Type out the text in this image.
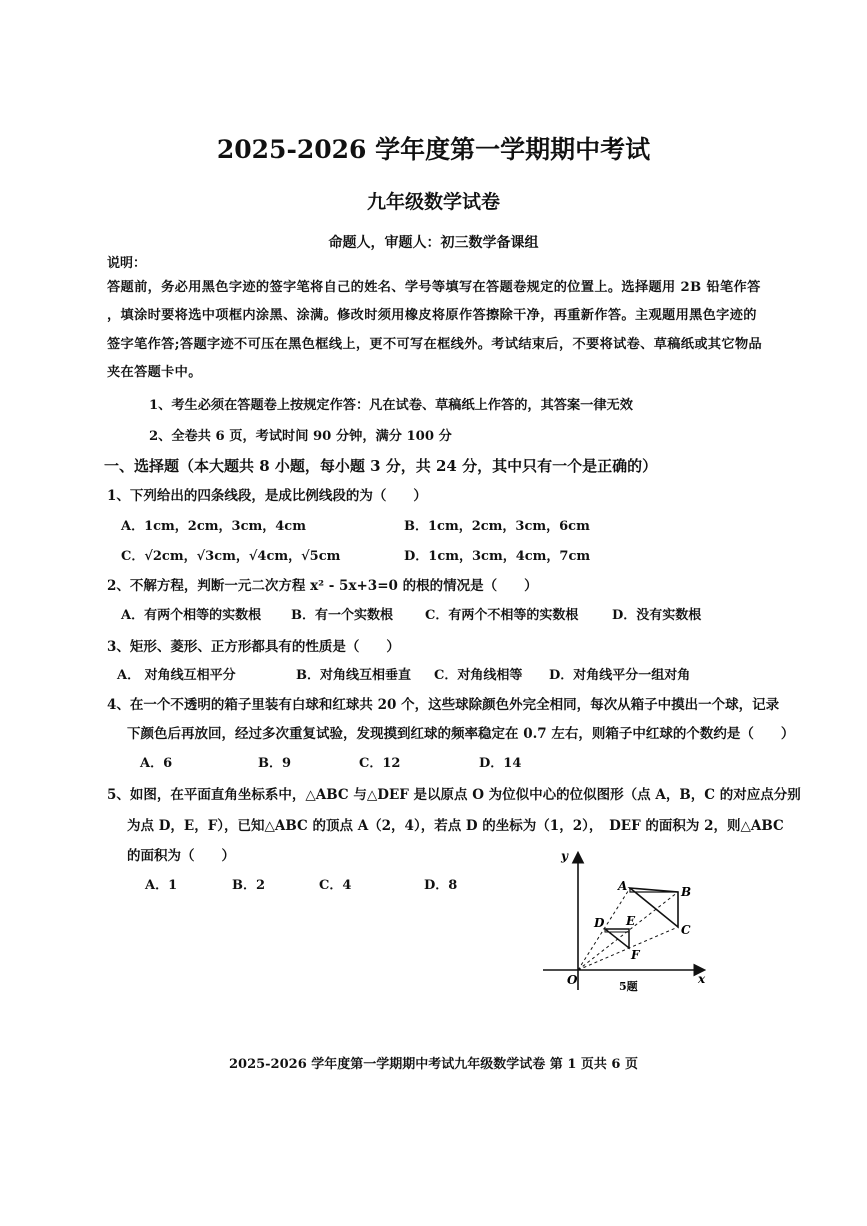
2025-2026 学年度第一学期期中考试
九年级数学试卷
命题人，审题人：初三数学备课组
说明：
答题前，务必用黑色字迹的签字笔将自己的姓名、学号等填写在答题卷规定的位置上。选择题用 2B 铅笔作答
，填涂时要将选中项框内涂黑、涂满。修改时须用橡皮将原作答擦除干净，再重新作答。主观题用黑色字迹的
签字笔作答;答题字迹不可压在黑色框线上，更不可写在框线外。考试结束后，不要将试卷、草稿纸或其它物品
夹在答题卡中。
1、考生必须在答题卷上按规定作答：凡在试卷、草稿纸上作答的，其答案一律无效
2、全卷共 6 页，考试时间 90 分钟，满分 100 分
一、选择题（本大题共 8 小题，每小题 3 分，共 24 分，其中只有一个是正确的）
1、下列给出的四条线段，是成比例线段的为（　　）
A．1cm，2cm，3cm，4cm	B．1cm，2cm，3cm，6cm
C．√2cm，√3cm，√4cm，√5cm	D．1cm，3cm，4cm，7cm
2、不解方程，判断一元二次方程 x² - 5x+3=0 的根的情况是（　　）
A．有两个相等的实数根 B．有一个实数根 C．有两个不相等的实数根	D．没有实数根
3、矩形、菱形、正方形都具有的性质是（　　）
A． 对角线互相平分	B．对角线互相垂直 C．对角线相等 D．对角线平分一组对角
4、在一个不透明的箱子里装有白球和红球共 20 个，这些球除颜色外完全相同，每次从箱子中摸出一个球，记录
下颜色后再放回，经过多次重复试验，发现摸到红球的频率稳定在 0.7 左右，则箱子中红球的个数约是（　　）
A．6	B．9	C．12	D．14
5、如图，在平面直角坐标系中，△ABC 与△DEF 是以原点 O 为位似中心的位似图形（点 A，B，C 的对应点分别
为点 D，E，F），已知△ABC 的顶点 A（2，4），若点 D 的坐标为（1，2），　DEF 的面积为 2，则△ABC
的面积为（　　）
A．1	B．2	C．4	D．8
y
x
O
A	B
C
D E
F
5题
2025-2026 学年度第一学期期中考试九年级数学试卷 第 1 页共 6 页
